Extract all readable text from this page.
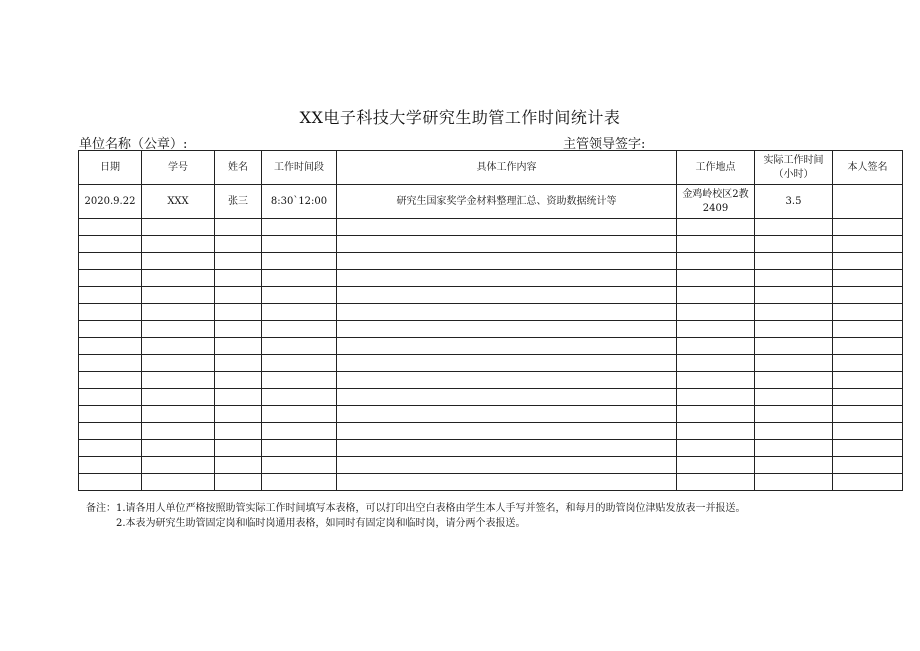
XX电子科技大学研究生助管工作时间统计表
单位名称（公章）:	主管领导签字:
日期	学号	姓名	工作时间段	具体工作内容	工作地点	实际工作时间（小时）	本人签名
2020.9.22	XXX	张三	8:30`12:00	研究生国家奖学金材料整理汇总、资助数据统计等	金鸡岭校区2教2409	3.5	

备注：1.请各用人单位严格按照助管实际工作时间填写本表格，可以打印出空白表格由学生本人手写并签名，和每月的助管岗位津贴发放表一并报送。
2.本表为研究生助管固定岗和临时岗通用表格，如同时有固定岗和临时岗，请分两个表报送。
